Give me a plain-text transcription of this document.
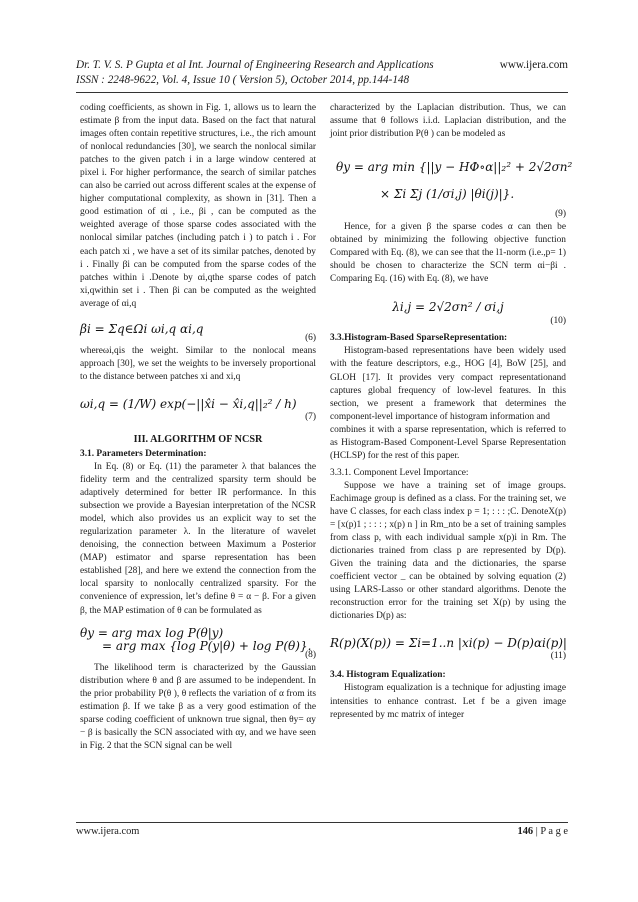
Dr. T. V. S. P Gupta et al Int. Journal of Engineering Research and Applications	www.ijera.com
ISSN : 2248-9622, Vol. 4, Issue 10 ( Version 5), October 2014, pp.144-148

coding coefficients, as shown in Fig. 1, allows us to learn the estimate β from the input data. Based on the fact that natural images often contain repetitive structures, i.e., the rich amount of nonlocal redundancies [30], we search the nonlocal similar patches to the given patch i in a large window centered at pixel i. For higher performance, the search of similar patches can also be carried out across different scales at the expense of higher computational complexity, as shown in [31]. Then a good estimation of αi , i.e., βi , can be computed as the weighted average of those sparse codes associated with the nonlocal similar patches (including patch i ) to patch i . For each patch xi , we have a set of its similar patches, denoted by i . Finally βi can be computed from the sparse codes of the patches within i .Denote by αi,qthe sparse codes of patch xi,qwithin set i . Then βi can be computed as the weighted average of αi,q

βi = Σq∈Ωi ωi,q αi,q
(6)

whereωi,qis the weight. Similar to the nonlocal means approach [30], we set the weights to be inversely proportional to the distance between patches xi and xi,q

ωi,q = (1/W) exp(−||x̂i − x̂i,q||₂² / h)
(7)
III. ALGORITHM OF NCSR
3.1. Parameters Determination:

In Eq. (8) or Eq. (11) the parameter λ that balances the fidelity term and the centralized sparsity term should be adaptively determined for better IR performance. In this subsection we provide a Bayesian interpretation of the NCSR model, which also provides us an explicit way to set the regularization parameter λ. In the literature of wavelet denoising, the connection between Maximum a Posterior (MAP) estimator and sparse representation has been established [28], and here we extend the connection from the local sparsity to nonlocally centralized sparsity. For the convenience of expression, let’s define θ = α − β. For a given β, the MAP estimation of θ can be formulated as

θy = arg max log P(θ|y)
= arg max {log P(y|θ) + log P(θ)}.
(8)

The likelihood term is characterized by the Gaussian distribution where θ and β are assumed to be independent. In the prior probability P(θ ), θ reflects the variation of α from its estimation β. If we take β as a very good estimation of the sparse coding coefficient of unknown true signal, then θy= αy − β is basically the SCN associated with αy, and we have seen in Fig. 2 that the SCN signal can be well

characterized by the Laplacian distribution. Thus, we can assume that θ follows i.i.d. Laplacian distribution, and the joint prior distribution P(θ ) can be modeled as

θy = arg min {||y − HΦ∘α||₂² + 2√2σn²
× Σi Σj (1/σi,j) |θi(j)|}.
(9)

Hence, for a given β the sparse codes α can then be obtained by minimizing the following objective function Compared with Eq. (8), we can see that the l1-norm (i.e.,p= 1) should be chosen to characterize the SCN term αi−βi . Comparing Eq. (16) with Eq. (8), we have

λi,j = 2√2σn² / σi,j
(10)
3.3.Histogram-Based SparseRepresentation:

Histogram-based representations have been widely used with the feature descriptors, e.g., HOG [4], BoW [25], and GLOH [17]. It provides very compact representationand captures global frequency of low-level features. In this section, we present a framework that determines the component-level importance of histogram information and

combines it with a sparse representation, which is referred to as Histogram-Based Component-Level Sparse Representation (HCLSP) for the rest of this paper.

3.3.1. Component Level Importance:

Suppose we have a training set of image groups. Eachimage group is defined as a class. For the training set, we have C classes, for each class index p = 1; : : : ;C. DenoteX(p) = [x(p)1 ; : : : ; x(p) n ] in Rm_nto be a set of training samples from class p, with each individual sample x(p)i in Rm. The dictionaries trained from class p are represented by D(p). Given the training data and the dictionaries, the sparse coefficient vector _ can be obtained by solving equation (2) using LARS-Lasso or other standard algorithms. Denote the reconstruction error for the training set X(p) by using the dictionaries D(p) as:

R(p)(X(p)) = Σi=1..n |xi(p) − D(p)αi(p)|
(11)
3.4. Histogram Equalization:

Histogram equalization is a technique for adjusting image intensities to enhance contrast. Let f be a given image represented by mc matrix of integer

www.ijera.com	146 | P a g e
